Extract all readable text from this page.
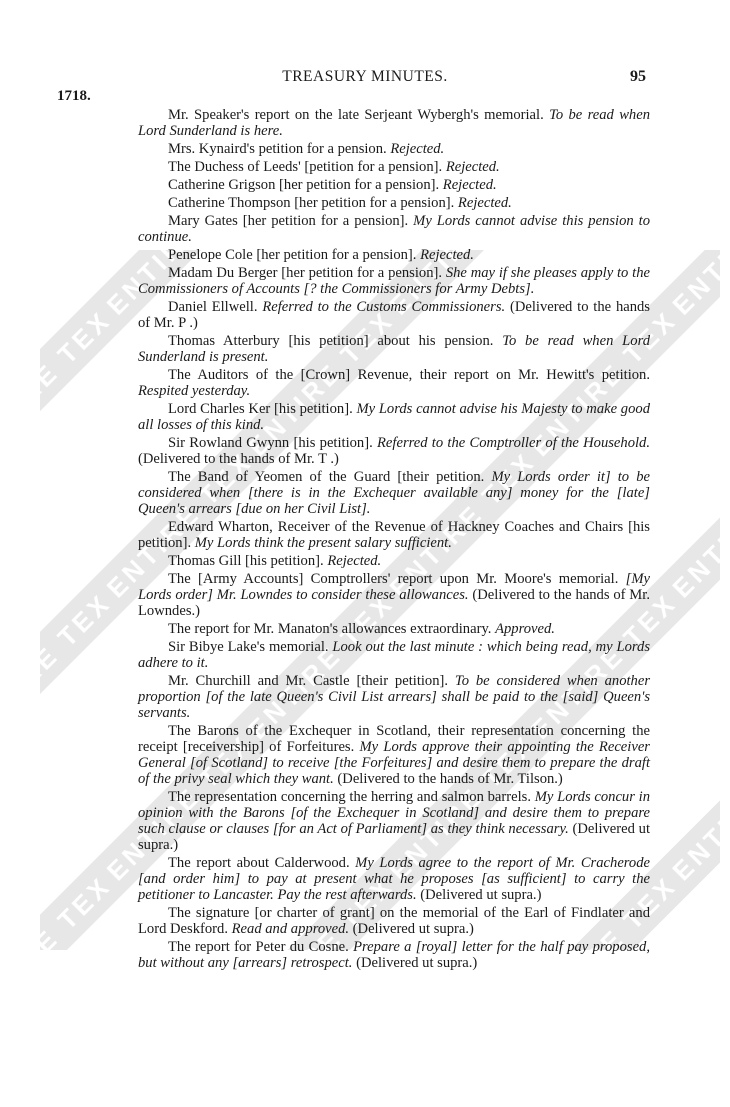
1718.
TREASURY MINUTES.	95

Mr. Speaker's report on the late Serjeant Wybergh's memorial. To be read when Lord Sunderland is here.

Mrs. Kynaird's petition for a pension. Rejected.

The Duchess of Leeds' [petition for a pension]. Rejected.

Catherine Grigson [her petition for a pension]. Rejected.

Catherine Thompson [her petition for a pension]. Rejected.

Mary Gates [her petition for a pension]. My Lords cannot advise this pension to continue.

Penelope Cole [her petition for a pension]. Rejected.

Madam Du Berger [her petition for a pension]. She may if she pleases apply to the Commissioners of Accounts [? the Commissioners for Army Debts].

Daniel Ellwell. Referred to the Customs Commissioners. (Delivered to the hands of Mr. P .)

Thomas Atterbury [his petition] about his pension. To be read when Lord Sunderland is present.

The Auditors of the [Crown] Revenue, their report on Mr. Hewitt's petition. Respited yesterday.

Lord Charles Ker [his petition]. My Lords cannot advise his Majesty to make good all losses of this kind.

Sir Rowland Gwynn [his petition]. Referred to the Comptroller of the Household. (Delivered to the hands of Mr. T .)

The Band of Yeomen of the Guard [their petition. My Lords order it] to be considered when [there is in the Exchequer available any] money for the [late] Queen's arrears [due on her Civil List].

Edward Wharton, Receiver of the Revenue of Hackney Coaches and Chairs [his petition]. My Lords think the present salary sufficient.

Thomas Gill [his petition]. Rejected.

The [Army Accounts] Comptrollers' report upon Mr. Moore's memorial. [My Lords order] Mr. Lowndes to consider these allowances. (Delivered to the hands of Mr. Lowndes.)

The report for Mr. Manaton's allowances extraordinary. Approved.

Sir Bibye Lake's memorial. Look out the last minute : which being read, my Lords adhere to it.

Mr. Churchill and Mr. Castle [their petition]. To be considered when another proportion [of the late Queen's Civil List arrears] shall be paid to the [said] Queen's servants.

The Barons of the Exchequer in Scotland, their representation concerning the receipt [receivership] of Forfeitures. My Lords approve their appointing the Receiver General [of Scotland] to receive [the Forfeitures] and desire them to prepare the draft of the privy seal which they want. (Delivered to the hands of Mr. Tilson.)

The representation concerning the herring and salmon barrels. My Lords concur in opinion with the Barons [of the Exchequer in Scotland] and desire them to prepare such clause or clauses [for an Act of Parliament] as they think necessary. (Delivered ut supra.)

The report about Calderwood. My Lords agree to the report of Mr. Cracherode [and order him] to pay at present what he proposes [as sufficient] to carry the petitioner to Lancaster. Pay the rest afterwards. (Delivered ut supra.)

The signature [or charter of grant] on the memorial of the Earl of Findlater and Lord Deskford. Read and approved. (Delivered ut supra.)

The report for Peter du Cosne. Prepare a [royal] letter for the half pay proposed, but without any [arrears] retrospect. (Delivered ut supra.)
